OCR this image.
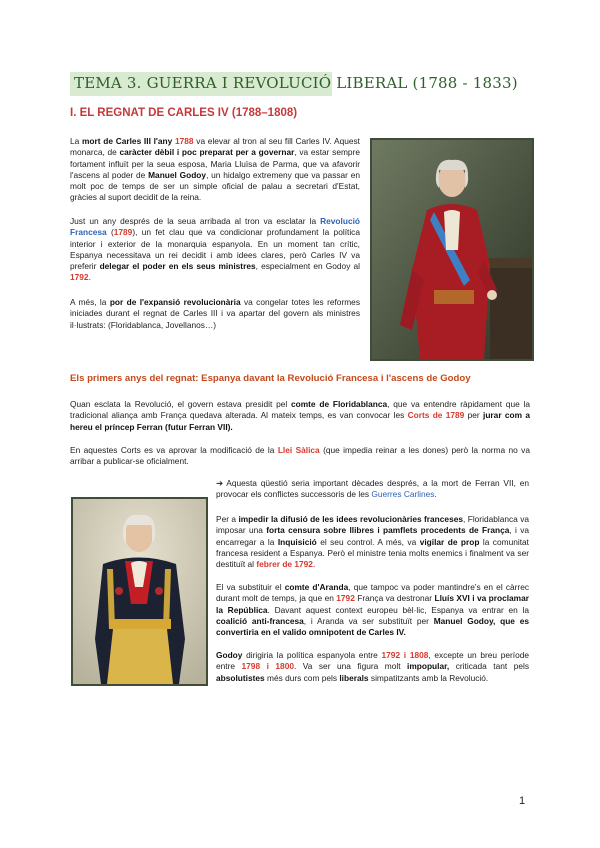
TEMA 3. GUERRA I REVOLUCIÓ LIBERAL (1788 - 1833)
I. EL REGNAT DE CARLES IV (1788–1808)

La mort de Carles III l'any 1788 va elevar al tron al seu fill Carles IV. Aquest monarca, de caràcter dèbil i poc preparat per a governar, va estar sempre fortament influït per la seua esposa, Maria Lluïsa de Parma, que va afavorir l'ascens al poder de Manuel Godoy, un hidalgo extremeny que va passar en molt poc de temps de ser un simple oficial de palau a secretari d'Estat, gràcies al suport decidit de la reina.

Just un any després de la seua arribada al tron va esclatar la Revolució Francesa (1789), un fet clau que va condicionar profundament la política interior i exterior de la monarquia espanyola. En un moment tan crític, Espanya necessitava un rei decidit i amb idees clares, però Carles IV va preferir delegar el poder en els seus ministres, especialment en Godoy al 1792.

A més, la por de l'expansió revolucionària va congelar totes les reformes iniciades durant el regnat de Carles III i va apartar del govern als ministres il·lustrats: (Floridablanca, Jovellanos…)

Els primers anys del regnat: Espanya davant la Revolució Francesa i l'ascens de Godoy

Quan esclata la Revolució, el govern estava presidit pel comte de Floridablanca, que va entendre ràpidament que la tradicional aliança amb França quedava alterada. Al mateix temps, es van convocar les Corts de 1789 per jurar com a hereu el príncep Ferran (futur Ferran VII).

En aquestes Corts es va aprovar la modificació de la Llei Sàlica (que impedia reinar a les dones) però la norma no va arribar a publicar-se oficialment.

➔ Aquesta qüestió seria important dècades després, a la mort de Ferran VII, en provocar els conflictes successoris de les Guerres Carlines.

Per a impedir la difusió de les idees revolucionàries franceses, Floridablanca va imposar una forta censura sobre llibres i pamflets procedents de França, i va encarregar a la Inquisició el seu control. A més, va vigilar de prop la comunitat francesa resident a Espanya. Però el ministre tenia molts enemics i finalment va ser destituït al febrer de 1792.

El va substituir el comte d'Aranda, que tampoc va poder mantindre's en el càrrec durant molt de temps, ja que en 1792 França va destronar Lluís XVI i va proclamar la República. Davant aquest context europeu bèl·lic, Espanya va entrar en la coalició anti-francesa, i Aranda va ser substituït per Manuel Godoy, que es convertiria en el valido omnipotent de Carles IV.

Godoy dirigiria la política espanyola entre 1792 i 1808, excepte un breu període entre 1798 i 1800. Va ser una figura molt impopular, criticada tant pels absolutistes més durs com pels liberals simpatitzants amb la Revolució.

1
